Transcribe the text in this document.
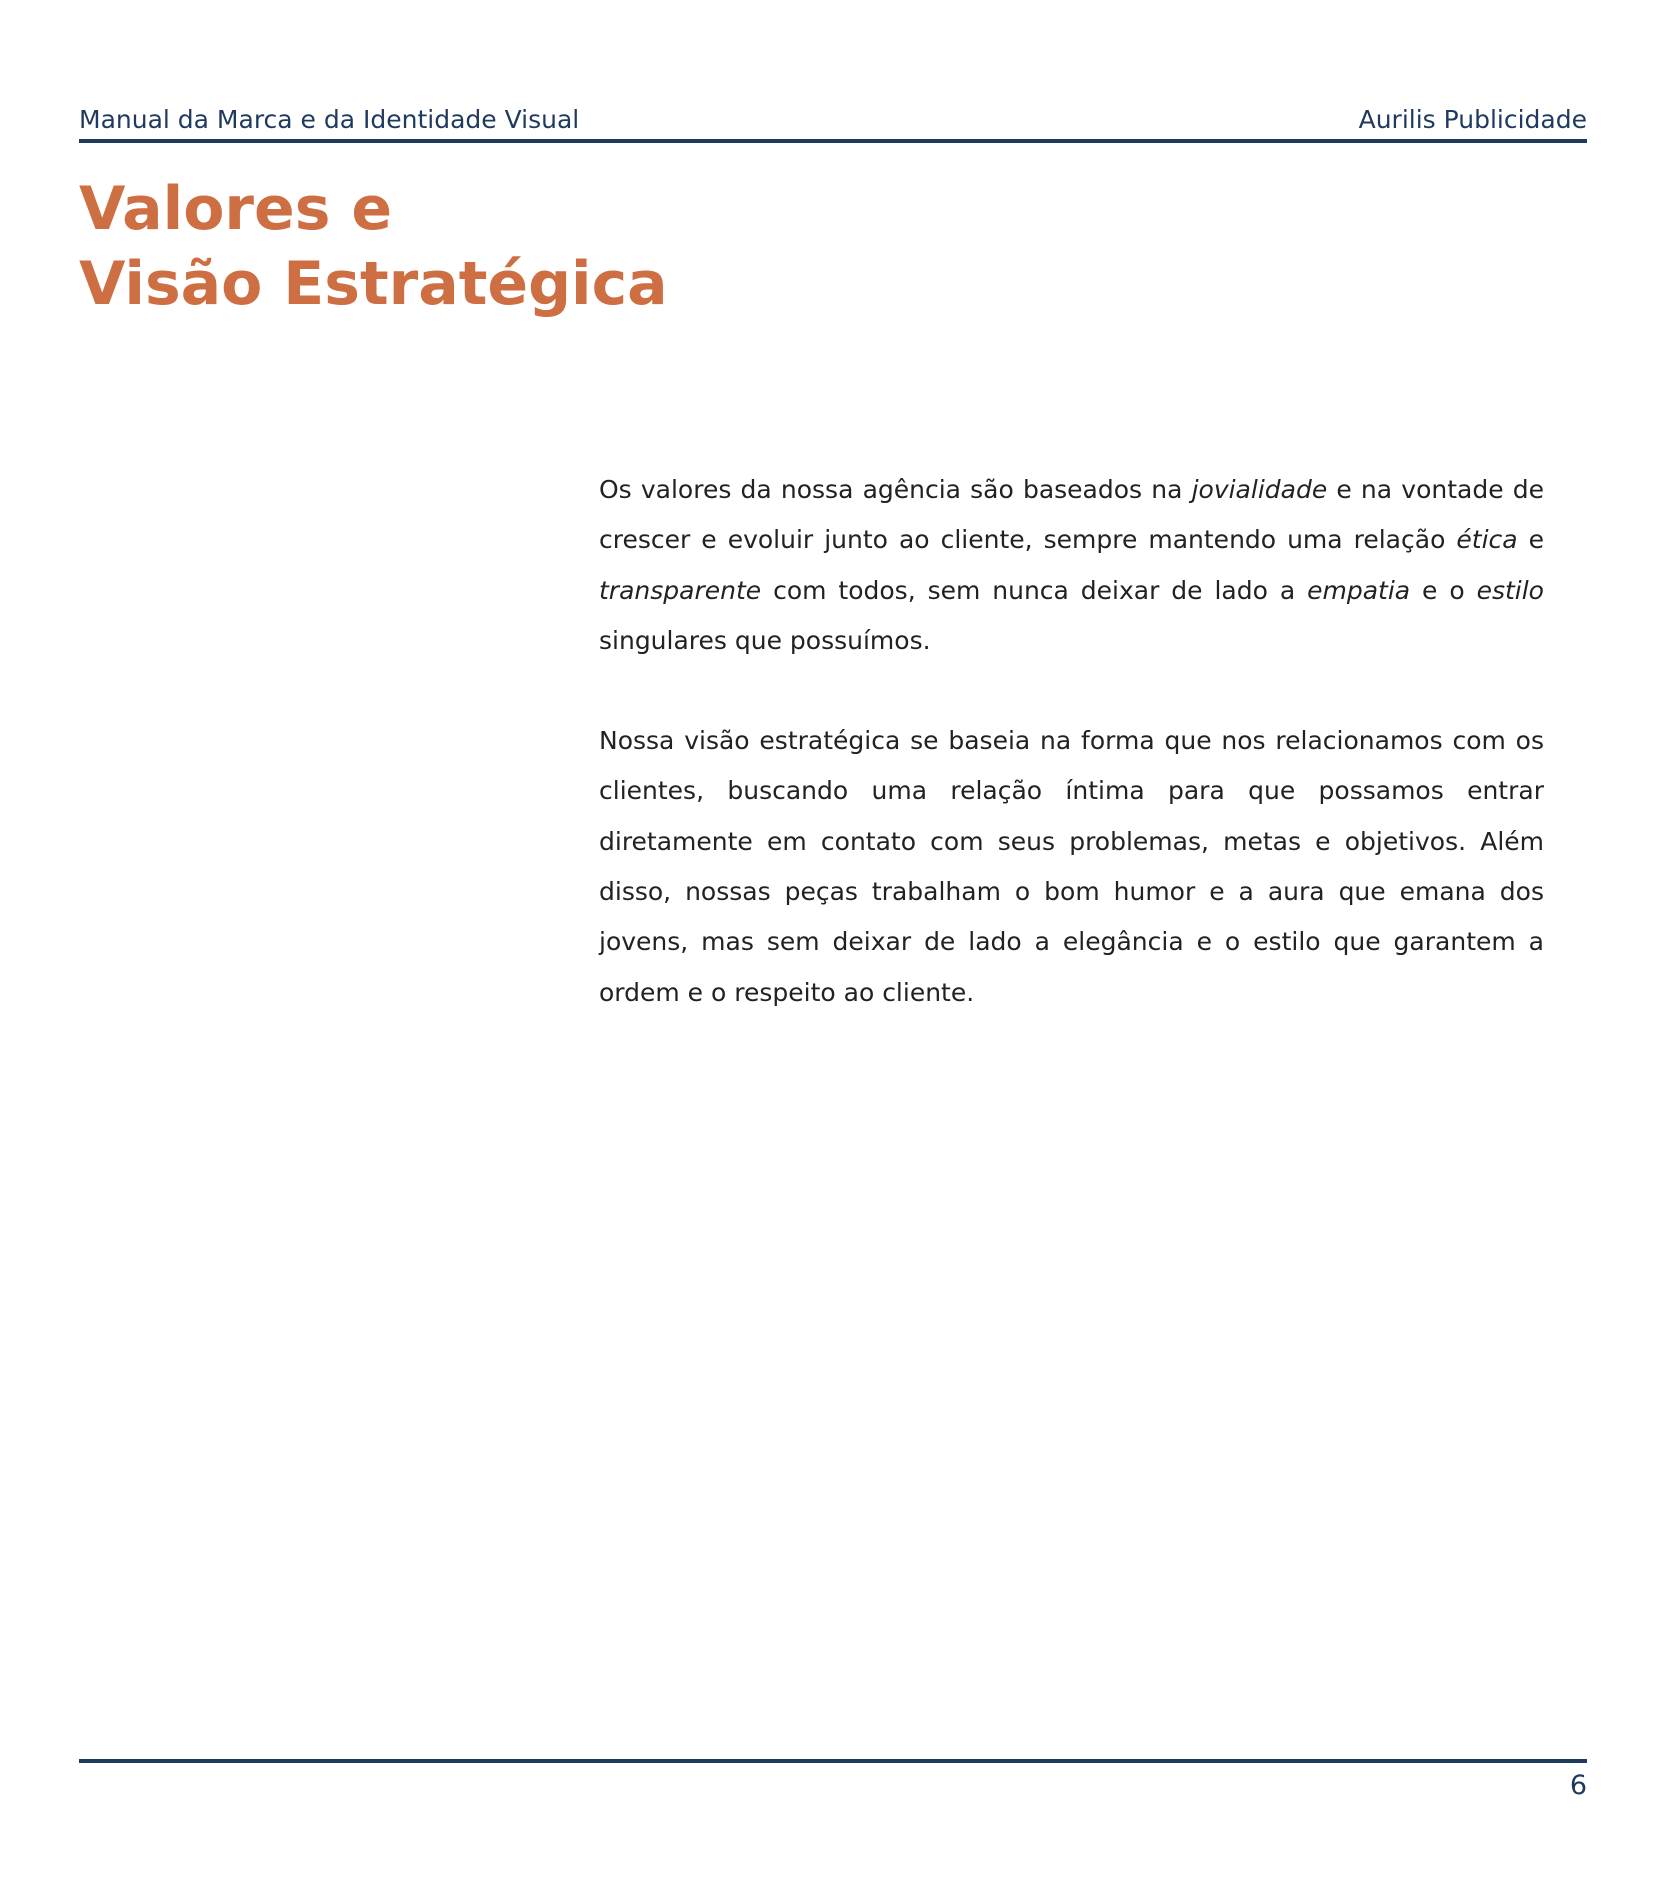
Manual da Marca e da Identidade Visual	Aurilis Publicidade
Valores e
Visão Estratégica

Os valores da nossa agência são baseados na jovialidade e na vontade de crescer e evoluir junto ao cliente, sempre mantendo uma relação ética e transparente com todos, sem nunca deixar de lado a empatia e o estilo singulares que possuímos.

Nossa visão estratégica se baseia na forma que nos relacionamos com os clientes, buscando uma relação íntima para que possamos entrar diretamente em contato com seus problemas, metas e objetivos. Além disso, nossas peças trabalham o bom humor e a aura que emana dos jovens, mas sem deixar de lado a elegância e o estilo que garantem a ordem e o respeito ao cliente.

6
